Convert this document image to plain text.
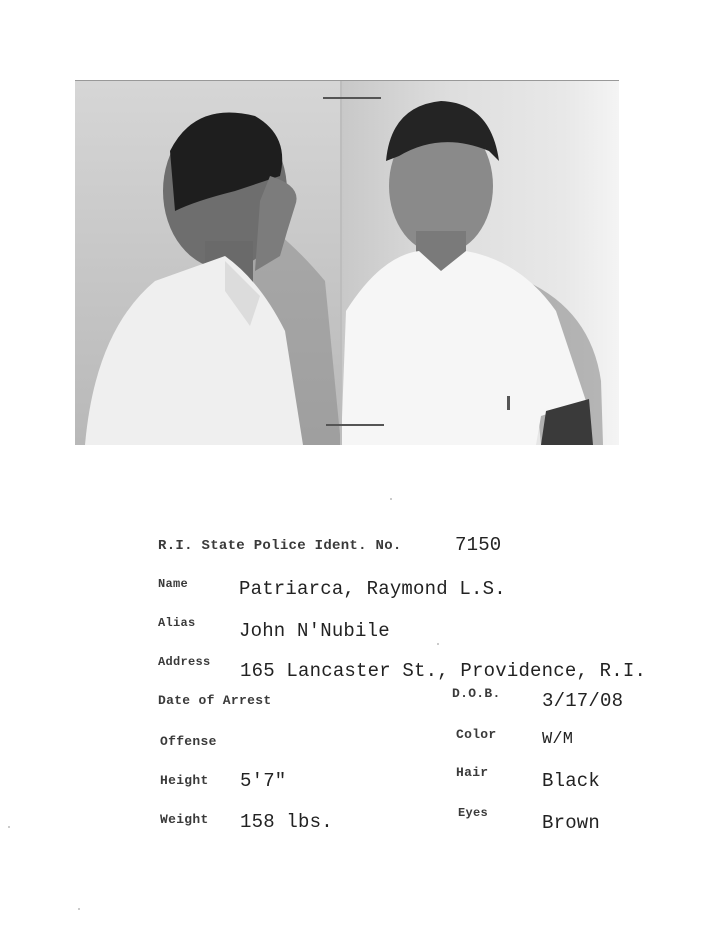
R.I. State Police Ident. No.	7150
Name	Patriarca, Raymond L.S.
Alias John N'Nubile
Address 165 Lancaster St., Providence, R.I.
Date of Arrest	D.O.B. 3/17/08
Offense	Color	W/M
Height 5'7"	Hair	Black
Weight 158 lbs.	Eyes	Brown
